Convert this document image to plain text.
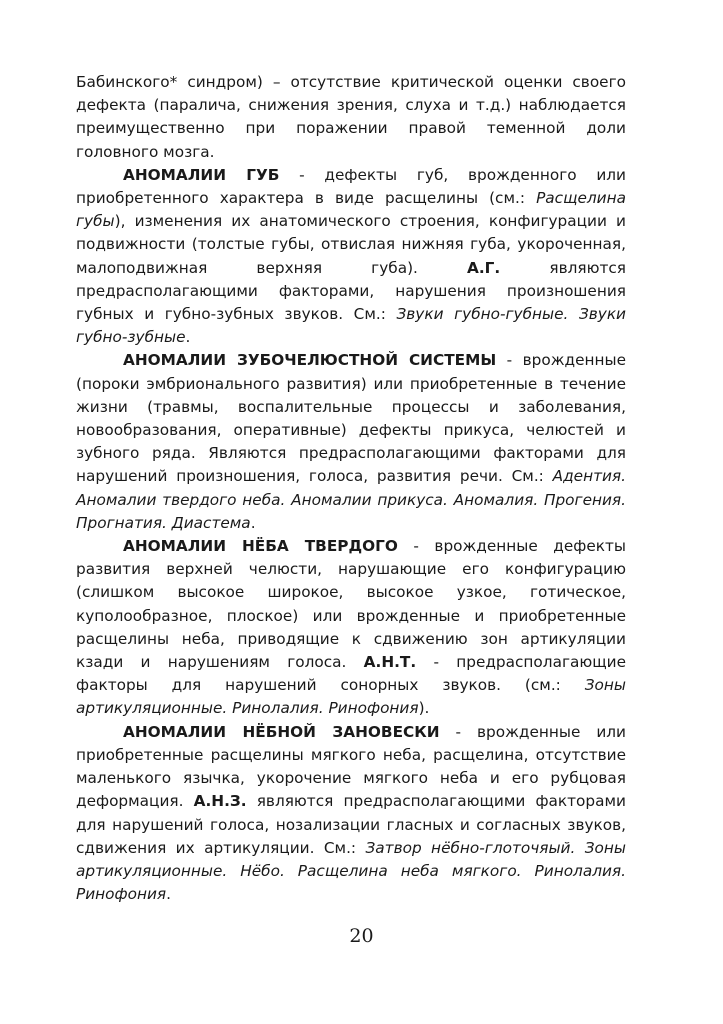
Бабинского* синдром) – отсутствие критической оценки своего дефекта (паралича, снижения зрения, слуха и т.д.) наблюдается преимущественно при поражении правой теменной доли головного мозга.

АНОМАЛИИ ГУБ - дефекты губ, врожденного или приобретенного характера в виде расщелины (см.: Расщелина губы), изменения их анатомического строения, конфигурации и подвижности (толстые губы, отвислая нижняя губа, укороченная, малоподвижная верхняя губа). А.Г. являются предрасполагающими факторами, нарушения произношения губных и губно-зубных звуков. См.: Звуки губно-губные. Звуки губно-зубные.

АНОМАЛИИ ЗУБОЧЕЛЮСТНОЙ СИСТЕМЫ - врожденные (пороки эмбрионального развития) или приобретенные в течение жизни (травмы, воспалительные процессы и заболевания, новообразования, оперативные) дефекты прикуса, челюстей и зубного ряда. Являются предрасполагающими факторами для нарушений произношения, голоса, развития речи. См.: Адентия. Аномалии твердого неба. Аномалии прикуса. Аномалия. Прогения. Прогнатия. Диастема.

АНОМАЛИИ НЁБА ТВЕРДОГО - врожденные дефекты развития верхней челюсти, нарушающие его конфигурацию (слишком высокое широкое, высокое узкое, готическое, куполообразное, плоское) или врожденные и приобретенные расщелины неба, приводящие к сдвижению зон артикуляции кзади и нарушениям голоса. А.Н.Т. - предрасполагающие факторы для нарушений сонорных звуков. (см.: Зоны артикуляционные. Ринолалия. Ринофония).

АНОМАЛИИ НЁБНОЙ ЗАНОВЕСКИ - врожденные или приобретенные расщелины мягкого неба, расщелина, отсутствие маленького язычка, укорочение мягкого неба и его рубцовая деформация. А.Н.З. являются предрасполагающими факторами для нарушений голоса, нозализации гласных и согласных звуков, сдвижения их артикуляции. См.: Затвор нёбно-глоточяый. Зоны артикуляционные. Нёбо. Расщелина неба мягкого. Ринолалия. Ринофония.

20
